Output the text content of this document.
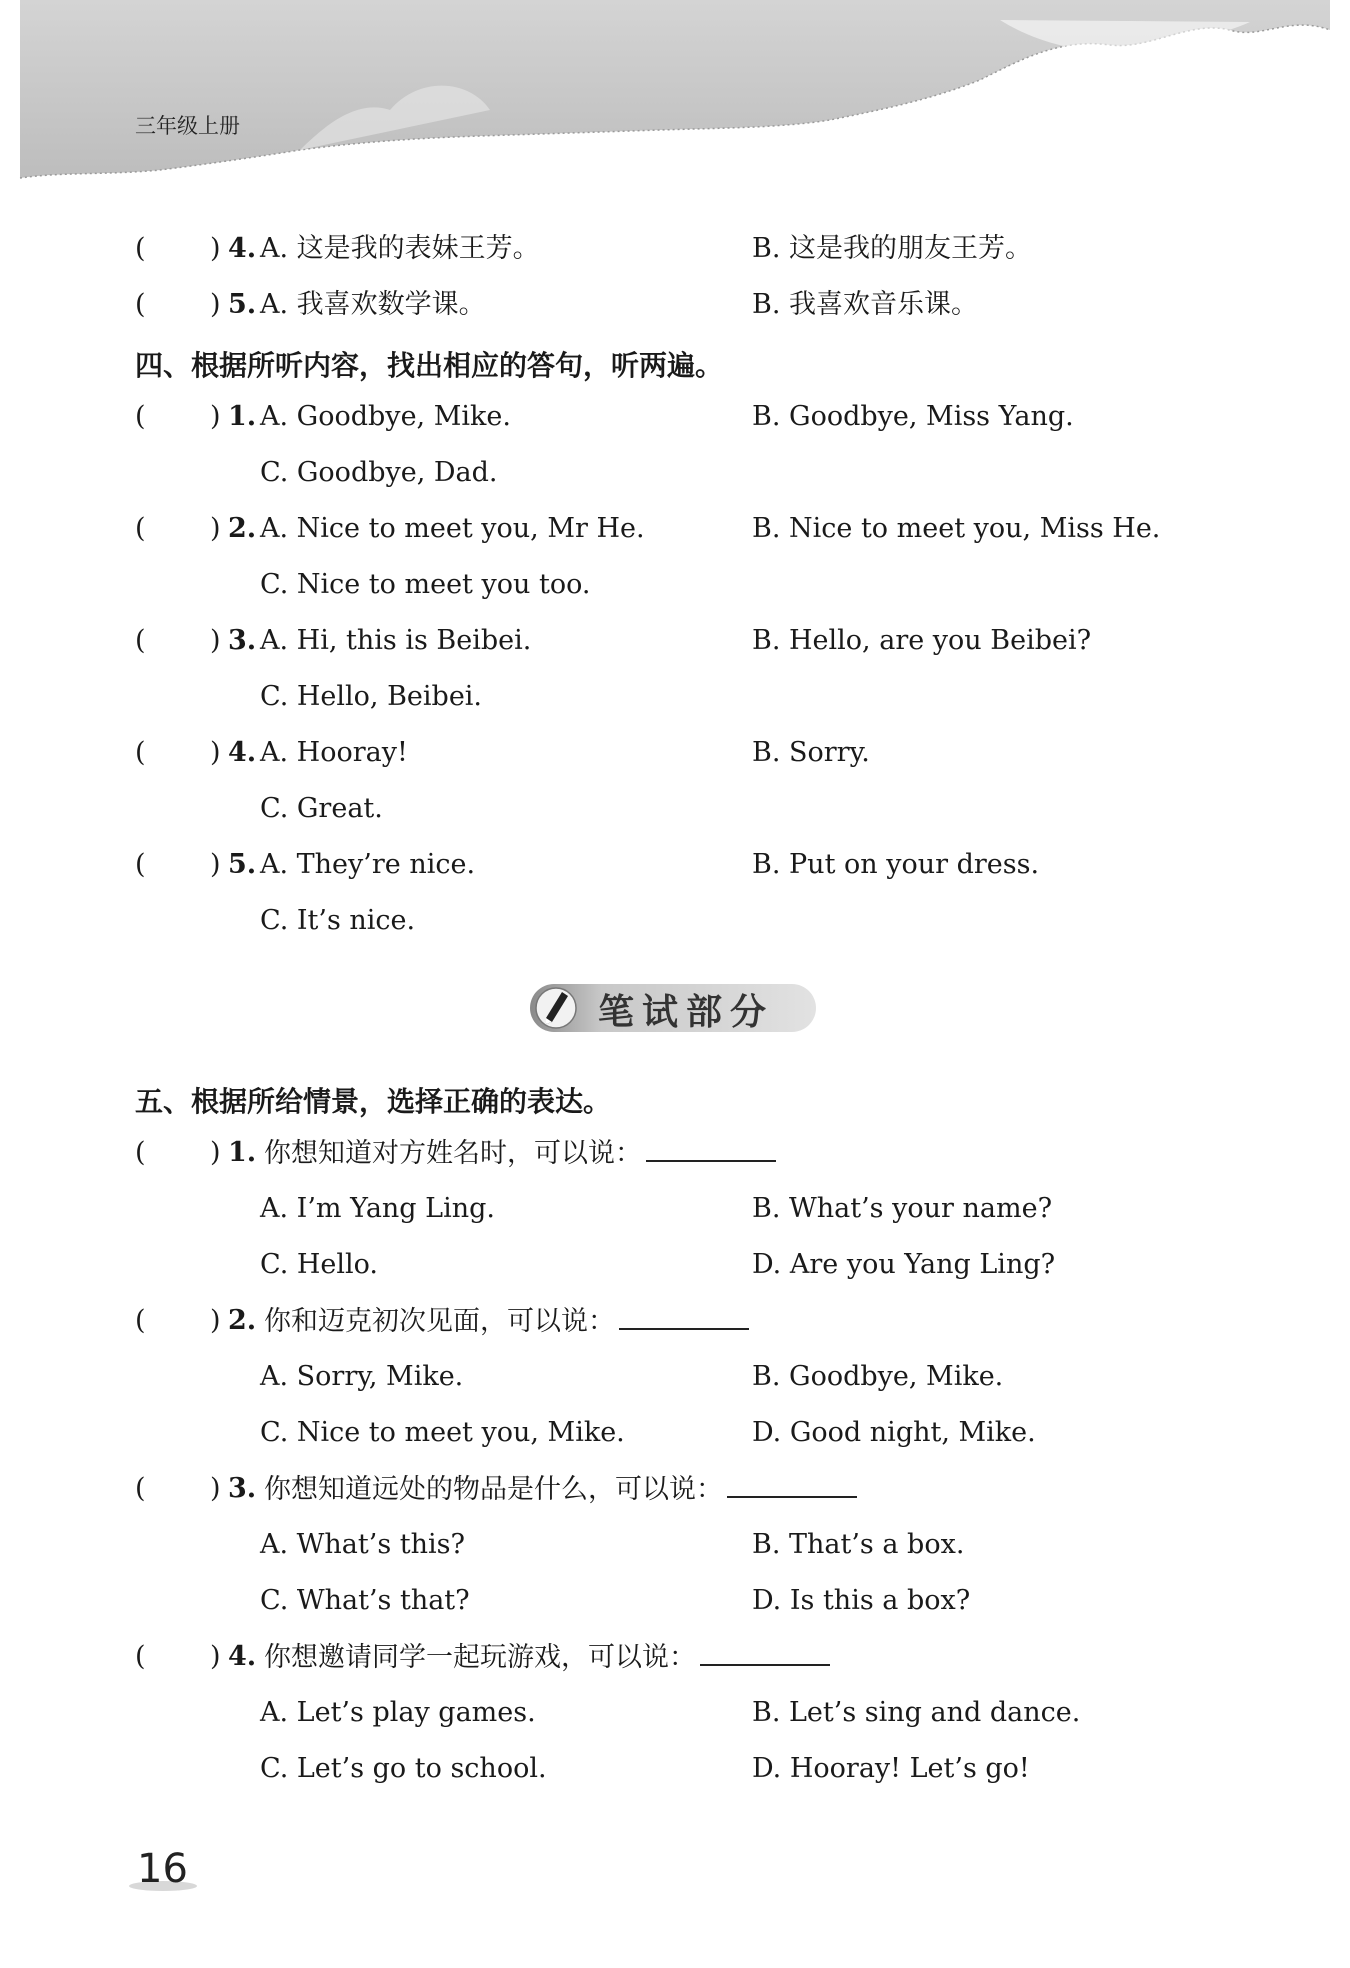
三年级上册
( ) 4. A. 这是我的表妹王芳。	B. 这是我的朋友王芳。
( ) 5. A. 我喜欢数学课。	B. 我喜欢音乐课。
四、根据所听内容，找出相应的答句，听两遍。
( ) 1. A. Goodbye, Mike.	B. Goodbye, Miss Yang.
C. Goodbye, Dad.
( ) 2. A. Nice to meet you, Mr He.	B. Nice to meet you, Miss He.
C. Nice to meet you too.
( ) 3. A. Hi, this is Beibei.	B. Hello, are you Beibei?
C. Hello, Beibei.
( ) 4. A. Hooray!	B. Sorry.
C. Great.
( ) 5. A. They’re nice.	B. Put on your dress.
C. It’s nice.
笔试部分
五、根据所给情景，选择正确的表达。
( ) 1. 你想知道对方姓名时，可以说：
A. I’m Yang Ling.	B. What’s your name?
C. Hello.	D. Are you Yang Ling?
( ) 2. 你和迈克初次见面，可以说：
A. Sorry, Mike.	B. Goodbye, Mike.
C. Nice to meet you, Mike.	D. Good night, Mike.
( ) 3. 你想知道远处的物品是什么，可以说：
A. What’s this?	B. That’s a box.
C. What’s that?	D. Is this a box?
( ) 4. 你想邀请同学一起玩游戏，可以说：
A. Let’s play games.	B. Let’s sing and dance.
C. Let’s go to school.	D. Hooray! Let’s go!
16
